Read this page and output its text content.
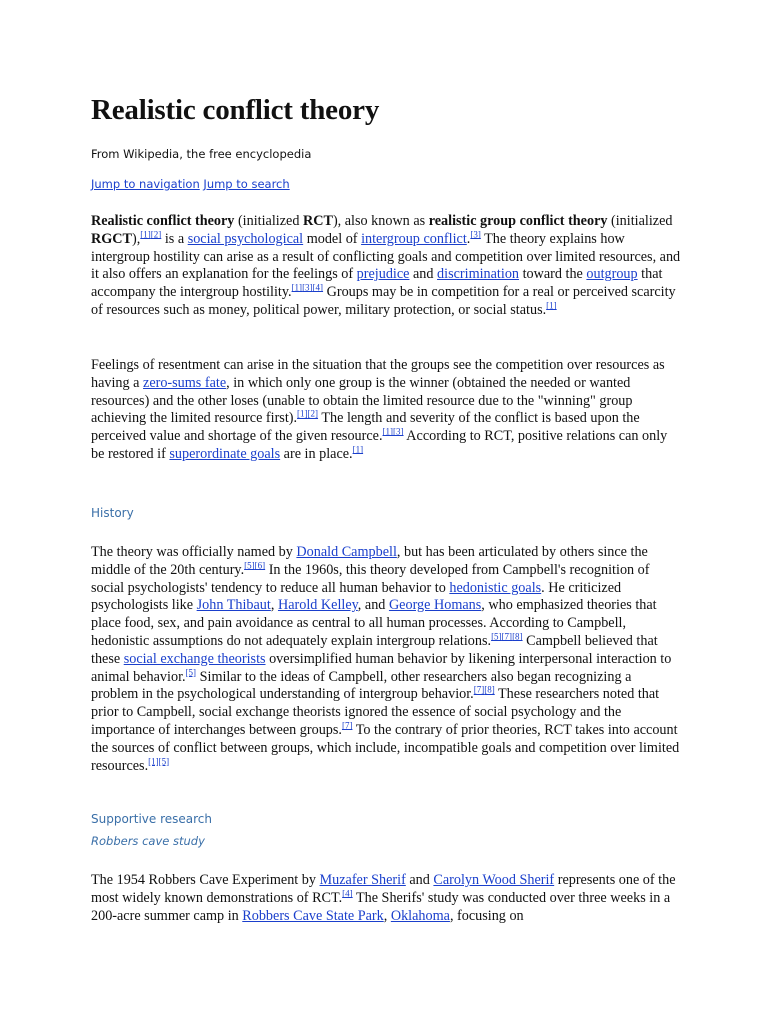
Realistic conflict theory
From Wikipedia, the free encyclopedia
Jump to navigation Jump to search

Realistic conflict theory (initialized RCT), also known as realistic group conflict theory (initialized RGCT),[1][2] is a social psychological model of intergroup conflict.[3] The theory explains how intergroup hostility can arise as a result of conflicting goals and competition over limited resources, and it also offers an explanation for the feelings of prejudice and discrimination toward the outgroup that accompany the intergroup hostility.[1][3][4] Groups may be in competition for a real or perceived scarcity of resources such as money, political power, military protection, or social status.[1]

Feelings of resentment can arise in the situation that the groups see the competition over resources as having a zero-sums fate, in which only one group is the winner (obtained the needed or wanted resources) and the other loses (unable to obtain the limited resource due to the "winning" group achieving the limited resource first).[1][2] The length and severity of the conflict is based upon the perceived value and shortage of the given resource.[1][3] According to RCT, positive relations can only be restored if superordinate goals are in place.[1]

History

The theory was officially named by Donald Campbell, but has been articulated by others since the middle of the 20th century.[5][6] In the 1960s, this theory developed from Campbell's recognition of social psychologists' tendency to reduce all human behavior to hedonistic goals. He criticized psychologists like John Thibaut, Harold Kelley, and George Homans, who emphasized theories that place food, sex, and pain avoidance as central to all human processes. According to Campbell, hedonistic assumptions do not adequately explain intergroup relations.[5][7][8] Campbell believed that these social exchange theorists oversimplified human behavior by likening interpersonal interaction to animal behavior.[5] Similar to the ideas of Campbell, other researchers also began recognizing a problem in the psychological understanding of intergroup behavior.[7][8] These researchers noted that prior to Campbell, social exchange theorists ignored the essence of social psychology and the importance of interchanges between groups.[7] To the contrary of prior theories, RCT takes into account the sources of conflict between groups, which include, incompatible goals and competition over limited resources.[1][5]

Supportive research
Robbers cave study

The 1954 Robbers Cave Experiment by Muzafer Sherif and Carolyn Wood Sherif represents one of the most widely known demonstrations of RCT.[4] The Sherifs' study was conducted over three weeks in a 200-acre summer camp in Robbers Cave State Park, Oklahoma, focusing on
